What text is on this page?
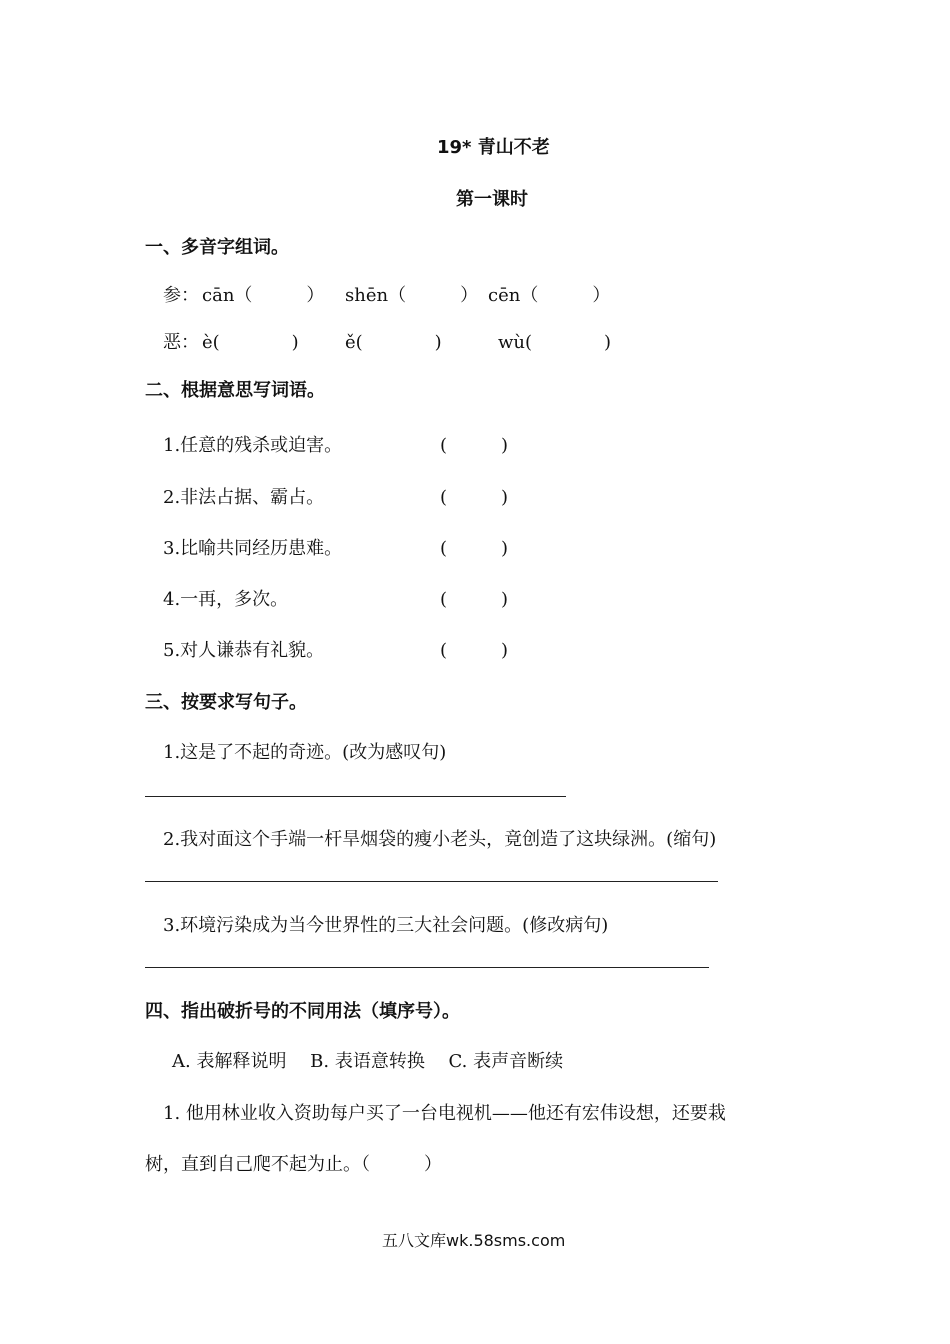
19* 青山不老
第一课时
一、多音字组词。
参： cān（　　　） shēn（　　　） cēn（　　　）
恶： è(　　　　)	ě(　　　　)	wù(　　　　)
二、根据意思写词语。
1.任意的残杀或迫害。	(　　　)
2.非法占据、霸占。	(　　　)
3.比喻共同经历患难。	(　　　)
4.一再，多次。	(　　　)
5.对人谦恭有礼貌。	(　　　)
三、按要求写句子。
1.这是了不起的奇迹。(改为感叹句)
2.我对面这个手端一杆旱烟袋的瘦小老头，竟创造了这块绿洲。(缩句)
3.环境污染成为当今世界性的三大社会问题。(修改病句)
四、指出破折号的不同用法（填序号）。
A. 表解释说明　 B. 表语意转换　 C. 表声音断续
1. 他用林业收入资助每户买了一台电视机——他还有宏伟设想，还要栽
树，直到自己爬不起为止。（　　　）
五八文库wk.58sms.com
